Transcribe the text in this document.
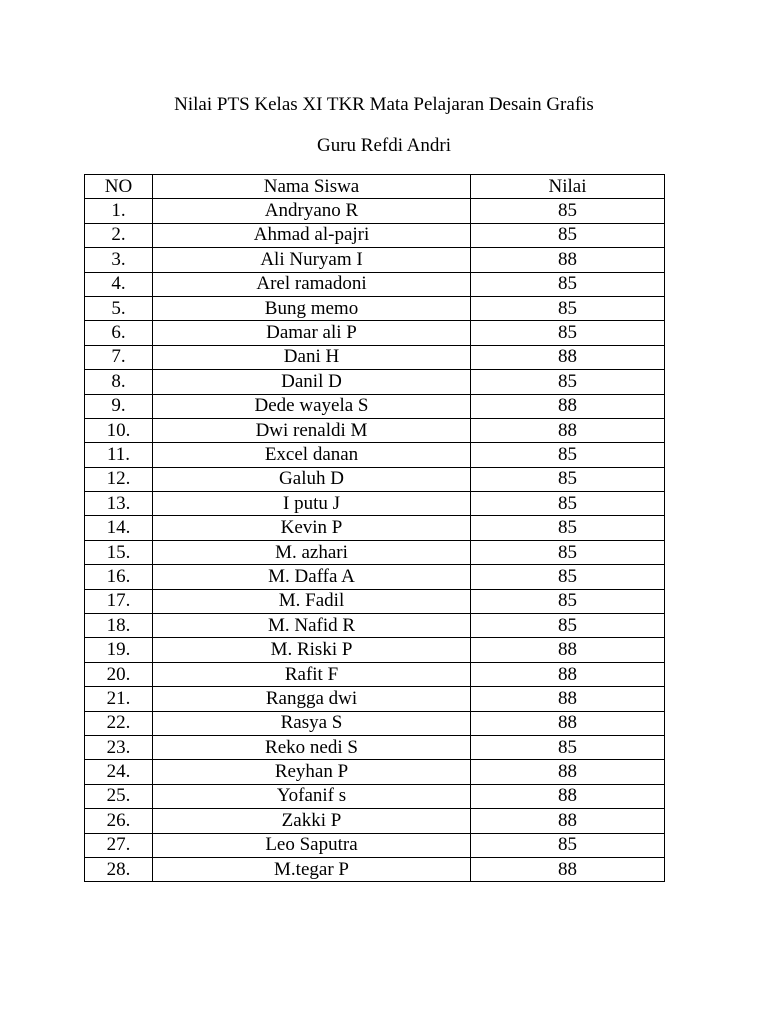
Nilai PTS Kelas XI TKR Mata Pelajaran Desain Grafis
Guru Refdi Andri
NO	Nama Siswa	Nilai
1.	Andryano R	85
2.	Ahmad al-pajri	85
3.	Ali Nuryam I	88
4.	Arel ramadoni	85
5.	Bung memo	85
6.	Damar ali P	85
7.	Dani H	88
8.	Danil D	85
9.	Dede wayela S	88
10.	Dwi renaldi M	88
11.	Excel danan	85
12.	Galuh D	85
13.	I putu J	85
14.	Kevin P	85
15.	M. azhari	85
16.	M. Daffa A	85
17.	M. Fadil	85
18.	M. Nafid R	85
19.	M. Riski P	88
20.	Rafit F	88
21.	Rangga dwi	88
22.	Rasya S	88
23.	Reko nedi S	85
24.	Reyhan P	88
25.	Yofanif s	88
26.	Zakki P	88
27.	Leo Saputra	85
28.	M.tegar P	88
